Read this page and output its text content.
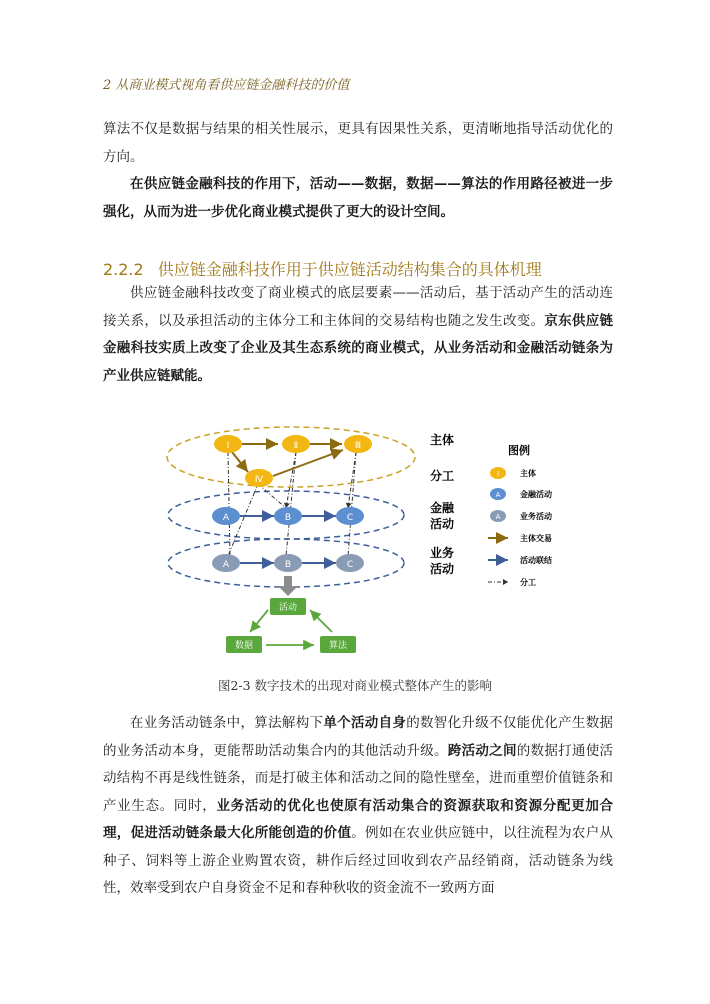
2 从商业模式视角看供应链金融科技的价值

算法不仅是数据与结果的相关性展示，更具有因果性关系，更清晰地指导活动优化的方向。

在供应链金融科技的作用下，活动——数据，数据——算法的作用路径被进一步强化，从而为进一步优化商业模式提供了更大的设计空间。

2.2.2 供应链金融科技作用于供应链活动结构集合的具体机理

供应链金融科技改变了商业模式的底层要素——活动后，基于活动产生的活动连接关系，以及承担活动的主体分工和主体间的交易结构也随之发生改变。京东供应链金融科技实质上改变了企业及其生态系统的商业模式，从业务活动和金融活动链条为产业供应链赋能。

Ⅰ	Ⅱ	Ⅲ
Ⅳ
A	B	C
A	B	C
活动
数据	算法
主体
分工
金融
活动
业务
活动
图例
Ⅰ	主体
A 金融活动
A 业务活动
主体交易
活动联结
分工
图2-3 数字技术的出现对商业模式整体产生的影响

在业务活动链条中，算法解构下单个活动自身的数智化升级不仅能优化产生数据的业务活动本身，更能帮助活动集合内的其他活动升级。跨活动之间的数据打通使活动结构不再是线性链条，而是打破主体和活动之间的隐性壁垒，进而重塑价值链条和产业生态。同时，业务活动的优化也使原有活动集合的资源获取和资源分配更加合理，促进活动链条最大化所能创造的价值。例如在农业供应链中，以往流程为农户从种子、饲料等上游企业购置农资，耕作后经过回收到农产品经销商，活动链条为线性，效率受到农户自身资金不足和春种秋收的资金流不一致两方面
